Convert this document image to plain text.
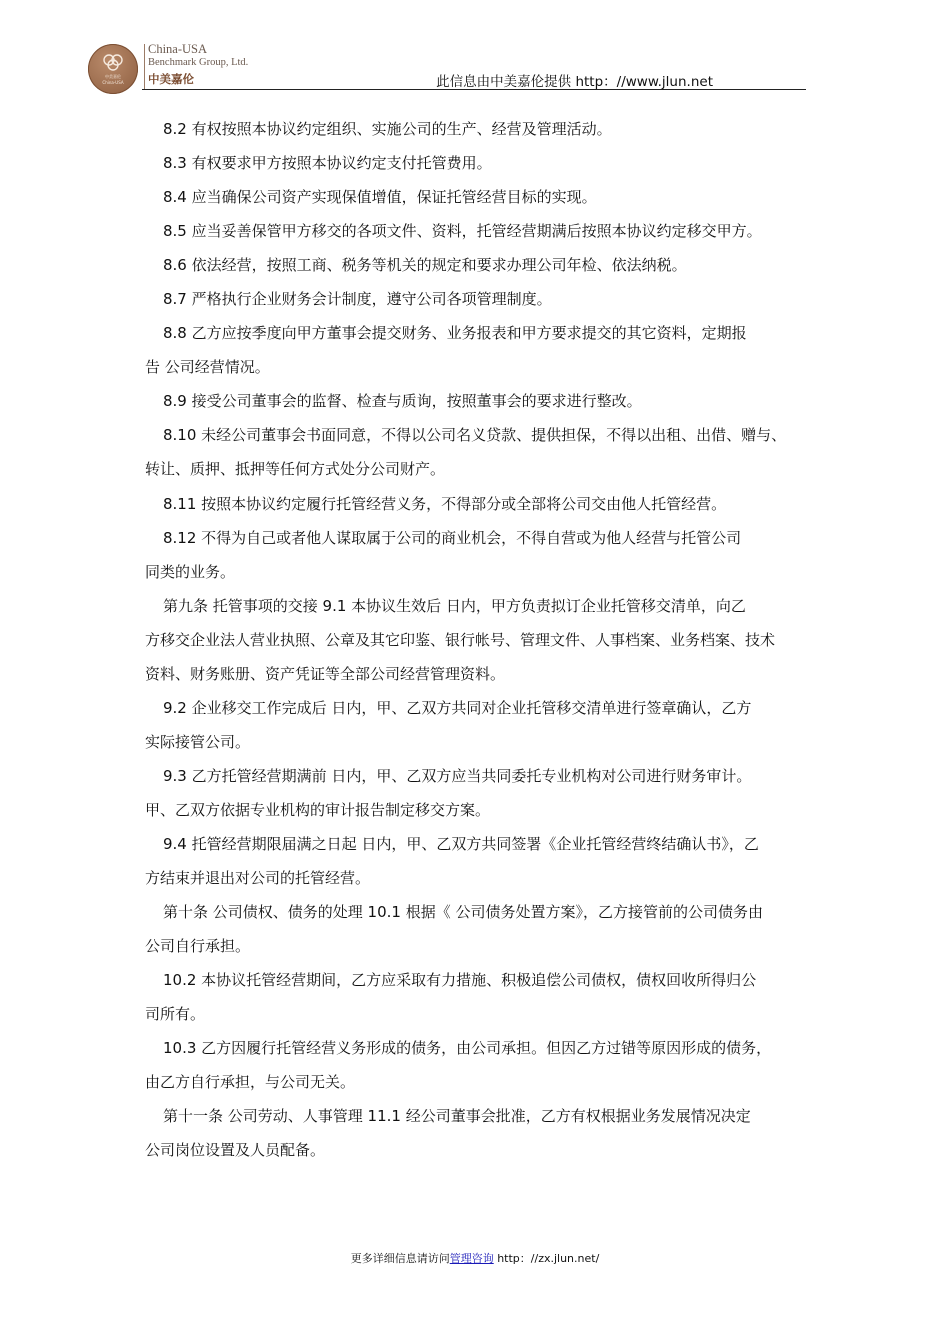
中美嘉伦
China-USA
China-USA
Benchmark Group, Ltd.
中美嘉伦	此信息由中美嘉伦提供 http：//www.jlun.net
8.2 有权按照本协议约定组织、实施公司的生产、经营及管理活动。
8.3 有权要求甲方按照本协议约定支付托管费用。
8.4 应当确保公司资产实现保值增值，保证托管经营目标的实现。
8.5 应当妥善保管甲方移交的各项文件、资料，托管经营期满后按照本协议约定移交甲方。
8.6 依法经营，按照工商、税务等机关的规定和要求办理公司年检、依法纳税。
8.7 严格执行企业财务会计制度，遵守公司各项管理制度。
8.8 乙方应按季度向甲方董事会提交财务、业务报表和甲方要求提交的其它资料，定期报
告 公司经营情况。
8.9 接受公司董事会的监督、检查与质询，按照董事会的要求进行整改。
8.10 未经公司董事会书面同意，不得以公司名义贷款、提供担保，不得以出租、出借、赠与、
转让、质押、抵押等任何方式处分公司财产。
8.11 按照本协议约定履行托管经营义务，不得部分或全部将公司交由他人托管经营。
8.12 不得为自己或者他人谋取属于公司的商业机会，不得自营或为他人经营与托管公司
同类的业务。
第九条 托管事项的交接 9.1 本协议生效后 日内，甲方负责拟订企业托管移交清单，向乙
方移交企业法人营业执照、公章及其它印鉴、银行帐号、管理文件、人事档案、业务档案、技术
资料、财务账册、资产凭证等全部公司经营管理资料。
9.2 企业移交工作完成后 日内，甲、乙双方共同对企业托管移交清单进行签章确认，乙方
实际接管公司。
9.3 乙方托管经营期满前 日内，甲、乙双方应当共同委托专业机构对公司进行财务审计。
甲、乙双方依据专业机构的审计报告制定移交方案。
9.4 托管经营期限届满之日起 日内，甲、乙双方共同签署《企业托管经营终结确认书》，乙
方结束并退出对公司的托管经营。
第十条 公司债权、债务的处理 10.1 根据《 公司债务处置方案》，乙方接管前的公司债务由
公司自行承担。
10.2 本协议托管经营期间，乙方应采取有力措施、积极追偿公司债权，债权回收所得归公
司所有。
10.3 乙方因履行托管经营义务形成的债务，由公司承担。但因乙方过错等原因形成的债务，
由乙方自行承担，与公司无关。
第十一条 公司劳动、人事管理 11.1 经公司董事会批准，乙方有权根据业务发展情况决定
公司岗位设置及人员配备。
更多详细信息请访问管理咨询 http：//zx.jlun.net/
